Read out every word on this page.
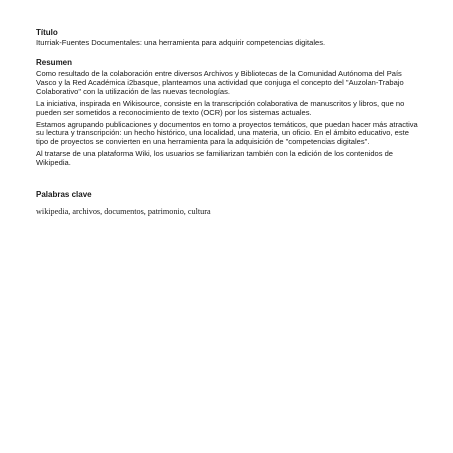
Título
Iturriak-Fuentes Documentales: una herramienta para adquirir competencias digitales.
Resumen

Como resultado de la colaboración entre diversos Archivos y Bibliotecas de la Comunidad Autónoma del País Vasco y la Red Académica i2basque, planteamos una actividad que conjuga el concepto del "Auzolan-Trabajo Colaborativo" con la utilización de las nuevas tecnologías.

La iniciativa, inspirada en Wikisource, consiste en la transcripción colaborativa de manuscritos y libros, que no pueden ser sometidos a reconocimiento de texto (OCR) por los sistemas actuales.

Estamos agrupando publicaciones y documentos en torno a proyectos temáticos, que puedan hacer más atractiva su lectura y transcripción: un hecho histórico, una localidad, una materia, un oficio. En el ámbito educativo, este tipo de proyectos se convierten en una herramienta para la adquisición de "competencias digitales".

Al tratarse de una plataforma Wiki, los usuarios se familiarizan también con la edición de los contenidos de Wikipedia.

Palabras clave
wikipedia, archivos, documentos, patrimonio, cultura
